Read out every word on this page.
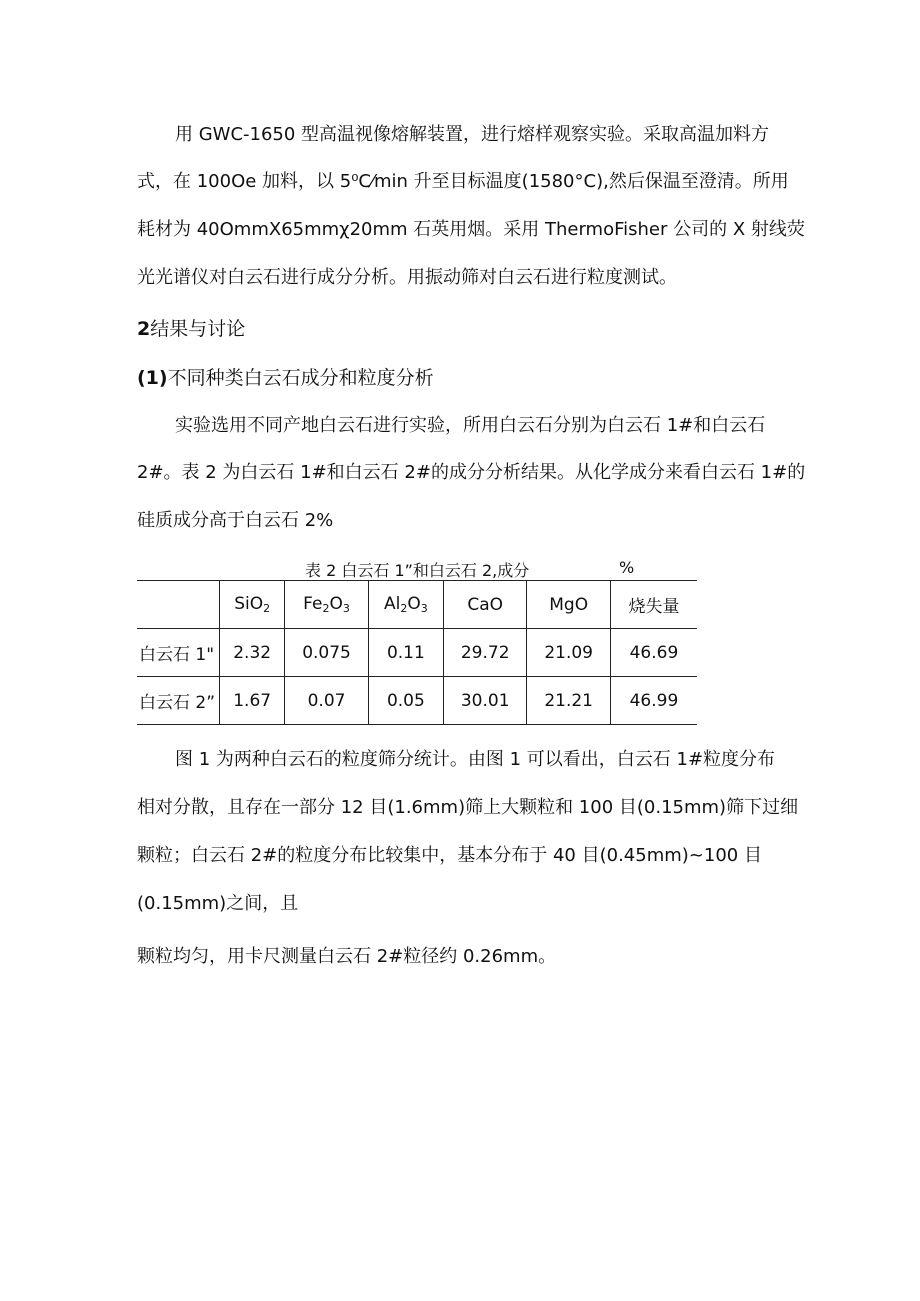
用 GWC-1650 型高温视像熔解装置，进行熔样观察实验。采取高温加料方
式，在 100Oe 加料，以 5⁰C⁄min 升至目标温度(1580°C),然后保温至澄清。所用
耗材为 40OmmX65mmχ20mm 石英用烟。采用 ThermoFisher 公司的 X 射线荧
光光谱仪对白云石进行成分分析。用振动筛对白云石进行粒度测试。
2结果与讨论
(1)不同种类白云石成分和粒度分析
实验选用不同产地白云石进行实验，所用白云石分别为白云石 1#和白云石
2#。表 2 为白云石 1#和白云石 2#的成分分析结果。从化学成分来看白云石 1#的
硅质成分高于白云石 2%
表 2 白云石 1”和白云石 2,成分	%
	SiO$_2$	$Fe_2O_3$	$Al_2O_3$	CaO	MgO	烧失量
白云石 1"	2.32	0.075	0.11	29.72	21.09	46.69
白云石 2”	1.67	0.07	0.05	30.01	21.21	46.99
图 1 为两种白云石的粒度筛分统计。由图 1 可以看出，白云石 1#粒度分布
相对分散，且存在一部分 12 目(1.6mm)筛上大颗粒和 100 目(0.15mm)筛下过细
颗粒；白云石 2#的粒度分布比较集中，基本分布于 40 目(0.45mm)~100 目
(0.15mm)之间，且
颗粒均匀，用卡尺测量白云石 2#粒径约 0.26mm。
